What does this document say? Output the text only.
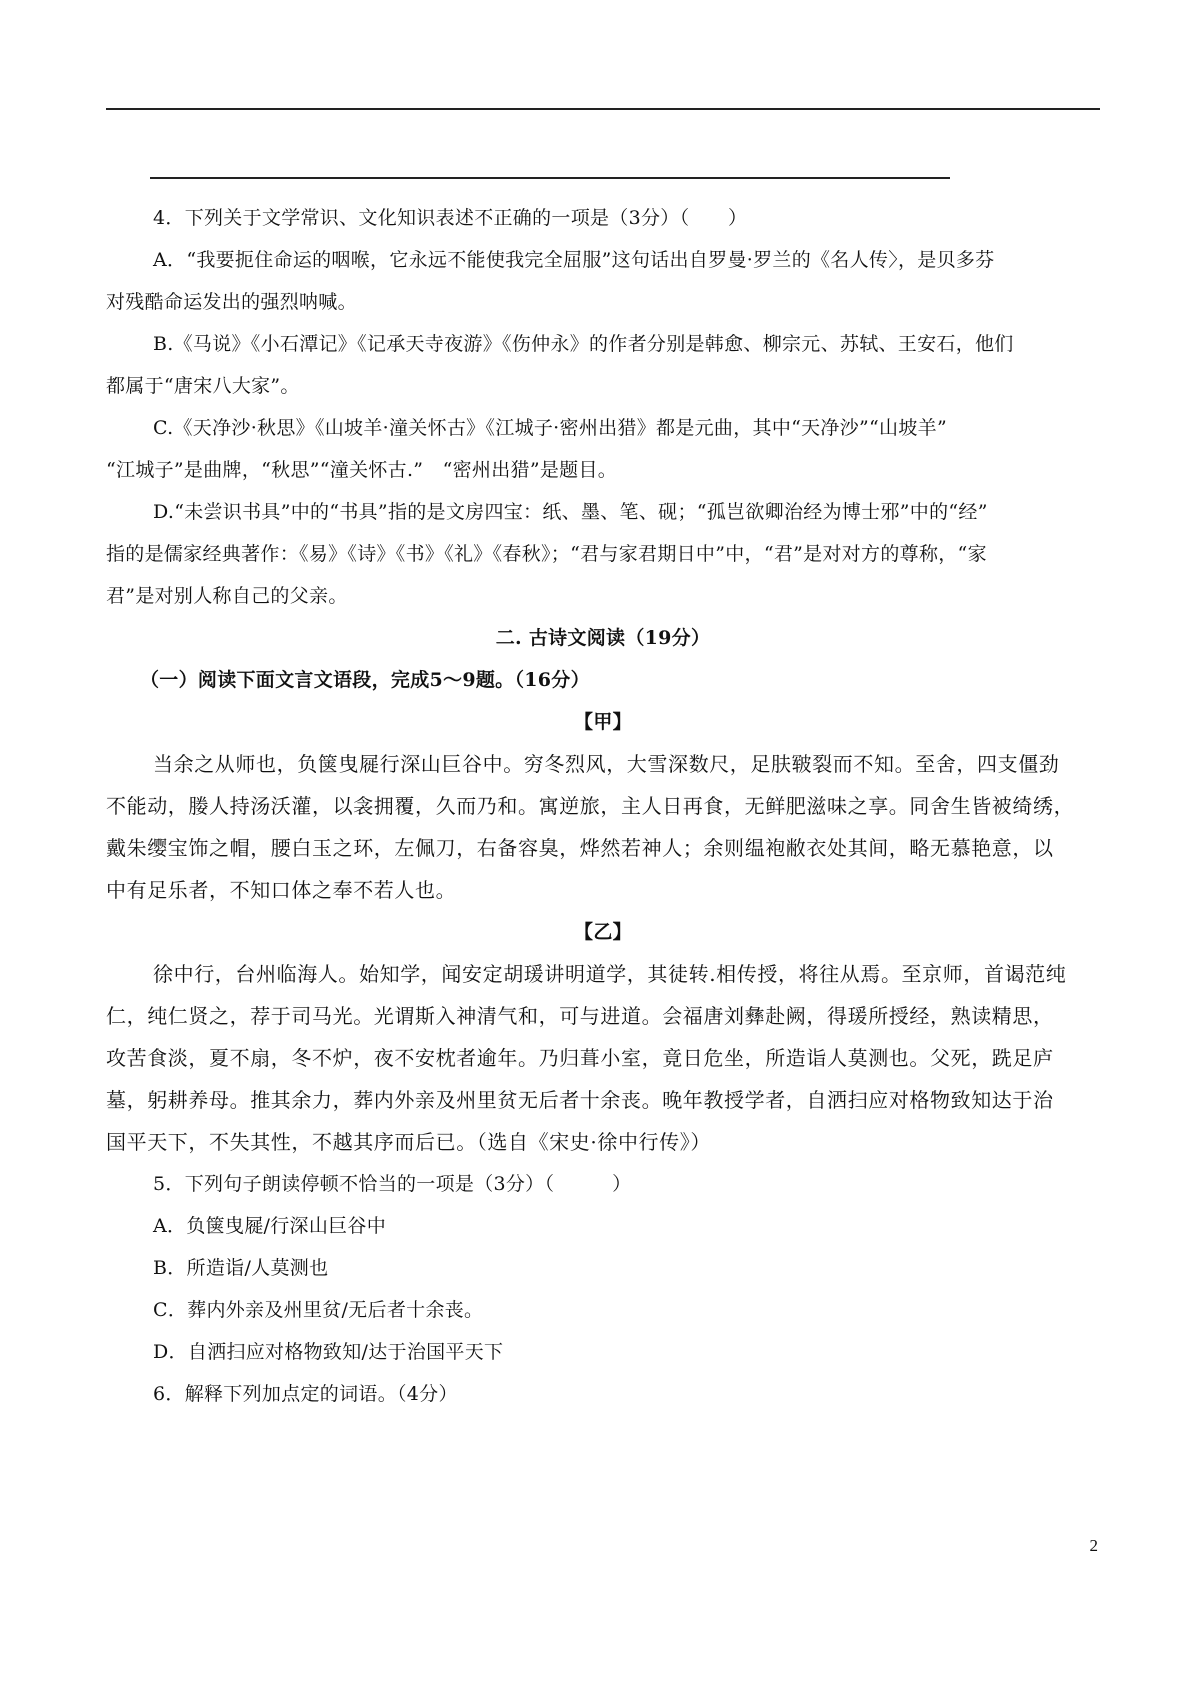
4．下列关于文学常识、文化知识表述不正确的一项是（3分）（　　）
A．“我要扼住命运的咽喉，它永远不能使我完全屈服”这句话出自罗曼·罗兰的《名人传〉，是贝多芬
对残酷命运发出的强烈呐喊。
B.《马说》《小石潭记》《记承天寺夜游》《伤仲永》的作者分别是韩愈、柳宗元、苏轼、王安石，他们
都属于“唐宋八大家”。
C.《天净沙·秋思》《山坡羊·潼关怀古》《江城子·密州出猎》都是元曲，其中“天净沙”“山坡羊”
“江城子”是曲牌，“秋思”“潼关怀古.”　“密州出猎”是题目。
D.“未尝识书具”中的“书具”指的是文房四宝：纸、墨、笔、砚；“孤岂欲卿治经为博士邪”中的“经”
指的是儒家经典著作：《易》《诗》《书》《礼》《春秋》；“君与家君期日中”中，“君”是对对方的尊称，“家
君”是对别人称自己的父亲。
二. 古诗文阅读（19分）
（一）阅读下面文言文语段，完成5～9题。（16分）
【甲】
当余之从师也，负箧曳屣行深山巨谷中。穷冬烈风，大雪深数尺，足肤皲裂而不知。至舍，四支僵劲
不能动，媵人持汤沃灌，以衾拥覆，久而乃和。寓逆旅，主人日再食，无鲜肥滋味之享。同舍生皆被绮绣，
戴朱缨宝饰之帽，腰白玉之环，左佩刀，右备容臭，烨然若神人；余则缊袍敝衣处其间，略无慕艳意，以
中有足乐者，不知口体之奉不若人也。
【乙】
徐中行，台州临海人。始知学，闻安定胡瑗讲明道学，其徒转.相传授，将往从焉。至京师，首谒范纯
仁，纯仁贤之，荐于司马光。光谓斯入神清气和，可与进道。会福唐刘彝赴阙，得瑗所授经，熟读精思，
攻苦食淡，夏不扇，冬不炉，夜不安枕者逾年。乃归葺小室，竟日危坐，所造诣人莫测也。父死，跣足庐
墓，躬耕养母。推其余力，葬内外亲及州里贫无后者十余丧。晚年教授学者，自洒扫应对格物致知达于治
国平天下，不失其性，不越其序而后已。（选自《宋史·徐中行传》）
5．下列句子朗读停顿不恰当的一项是（3分）（　　　）
A．负箧曳屣/行深山巨谷中
B．所造诣/人莫测也
C．葬内外亲及州里贫/无后者十余丧。
D．自洒扫应对格物致知/达于治国平天下
6．解释下列加点定的词语。（4分）
2
